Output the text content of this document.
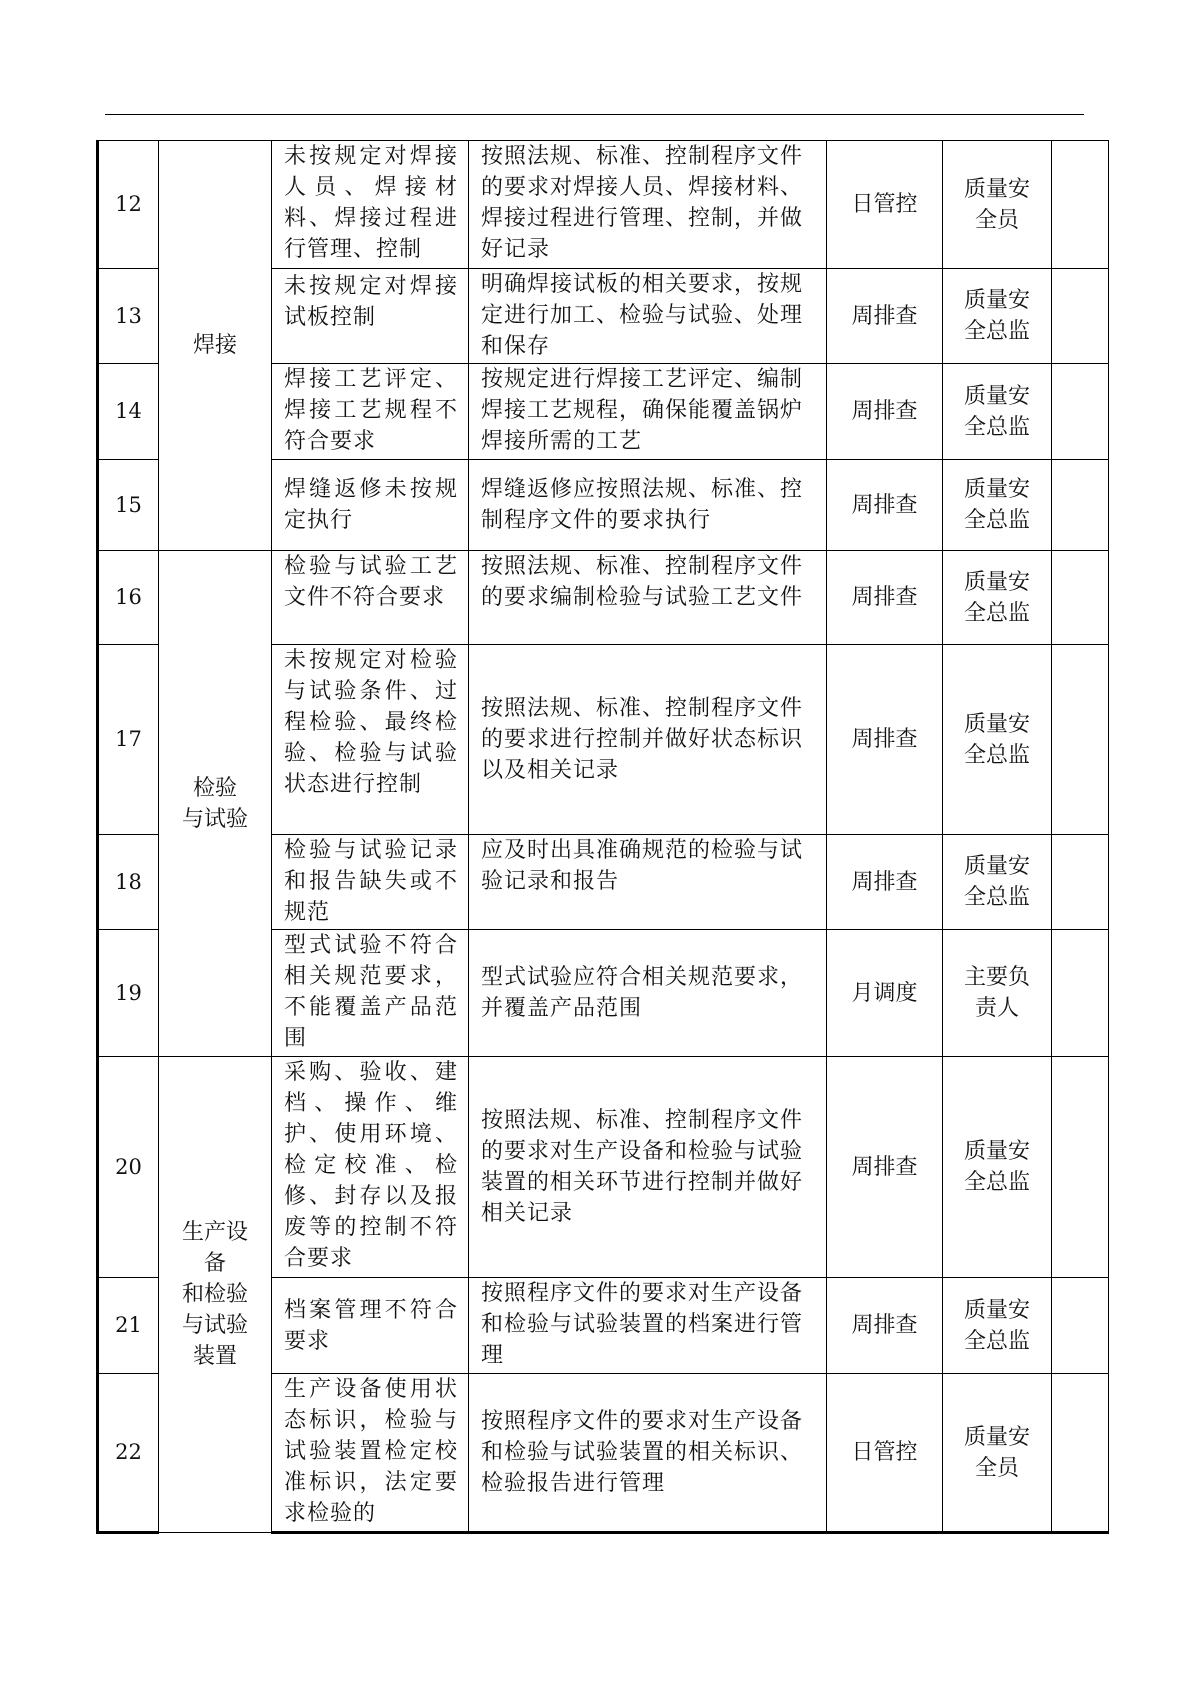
12	焊接	未按规定对焊接人员、焊接材料、焊接过程进行管理、控制	按照法规、标准、控制程序文件的要求对焊接人员、焊接材料、焊接过程进行管理、控制，并做好记录	日管控	质量安
全员	
13		未按规定对焊接试板控制	明确焊接试板的相关要求，按规定进行加工、检验与试验、处理和保存	周排查	质量安
全总监	
14		焊接工艺评定、焊接工艺规程不符合要求	按规定进行焊接工艺评定、编制焊接工艺规程，确保能覆盖锅炉焊接所需的工艺	周排查	质量安
全总监	
15		焊缝返修未按规定执行	焊缝返修应按照法规、标准、控制程序文件的要求执行	周排查	质量安
全总监	
16	检验
与试验	检验与试验工艺文件不符合要求	按照法规、标准、控制程序文件的要求编制检验与试验工艺文件	周排查	质量安
全总监	
17		未按规定对检验与试验条件、过程检验、最终检验、检验与试验状态进行控制	按照法规、标准、控制程序文件的要求进行控制并做好状态标识以及相关记录	周排查	质量安
全总监	
18		检验与试验记录和报告缺失或不规范	应及时出具准确规范的检验与试验记录和报告	周排查	质量安
全总监	
19		型式试验不符合相关规范要求，不能覆盖产品范围	型式试验应符合相关规范要求，并覆盖产品范围	月调度	主要负
责人	
20	生产设
备
和检验
与试验
装置	采购、验收、建档、操作、维护、使用环境、检定校准、检修、封存以及报废等的控制不符合要求	按照法规、标准、控制程序文件的要求对生产设备和检验与试验装置的相关环节进行控制并做好相关记录	周排查	质量安
全总监	
21		档案管理不符合要求	按照程序文件的要求对生产设备和检验与试验装置的档案进行管理	周排查	质量安
全总监	
22		生产设备使用状态标识，检验与试验装置检定校准标识，法定要求检验的	按照程序文件的要求对生产设备和检验与试验装置的相关标识、检验报告进行管理	日管控	质量安
全员	
